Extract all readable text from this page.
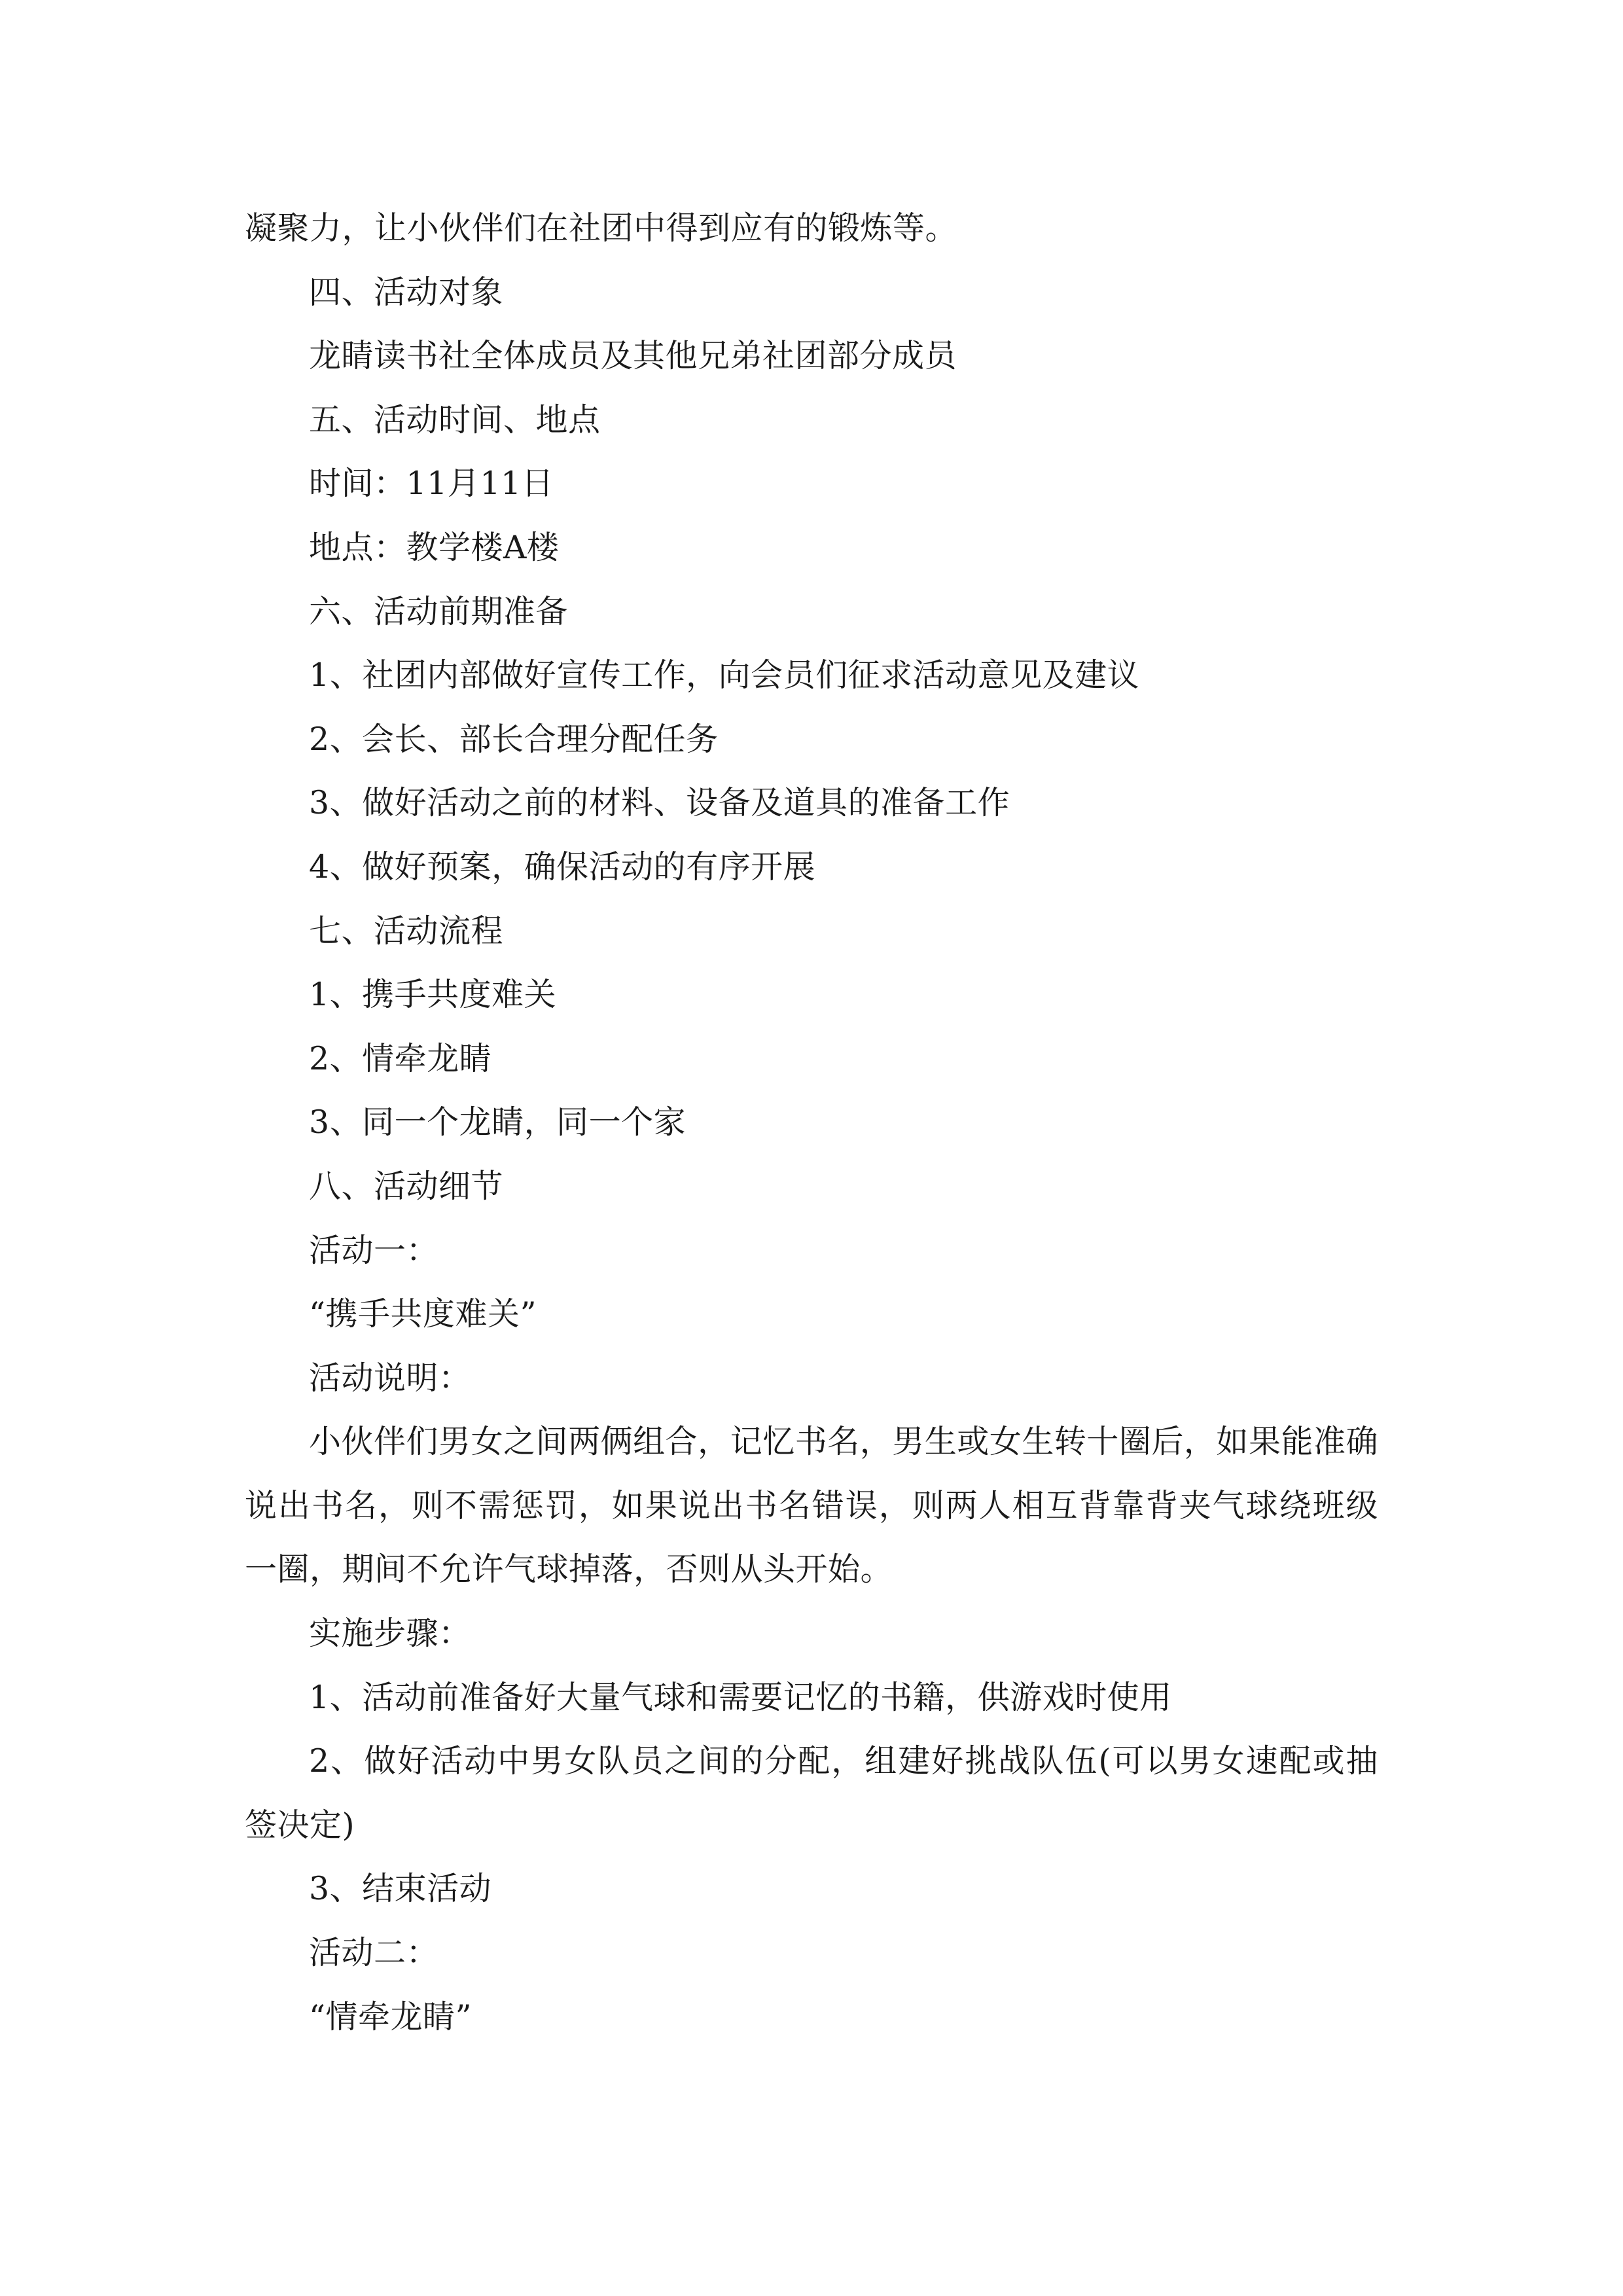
凝聚力，让小伙伴们在社团中得到应有的锻炼等。

四、活动对象

龙睛读书社全体成员及其他兄弟社团部分成员

五、活动时间、地点

时间：11月11日

地点：教学楼A楼

六、活动前期准备

1、社团内部做好宣传工作，向会员们征求活动意见及建议

2、会长、部长合理分配任务

3、做好活动之前的材料、设备及道具的准备工作

4、做好预案，确保活动的有序开展

七、活动流程

1、携手共度难关

2、情牵龙睛

3、同一个龙睛，同一个家

八、活动细节

活动一：

“携手共度难关”

活动说明：

小伙伴们男女之间两俩组合，记忆书名，男生或女生转十圈后，如果能准确说出书名，则不需惩罚，如果说出书名错误，则两人相互背靠背夹气球绕班级一圈，期间不允许气球掉落，否则从头开始。

实施步骤：

1、活动前准备好大量气球和需要记忆的书籍，供游戏时使用

2、做好活动中男女队员之间的分配，组建好挑战队伍(可以男女速配或抽签决定)

3、结束活动

活动二：

“情牵龙睛”
